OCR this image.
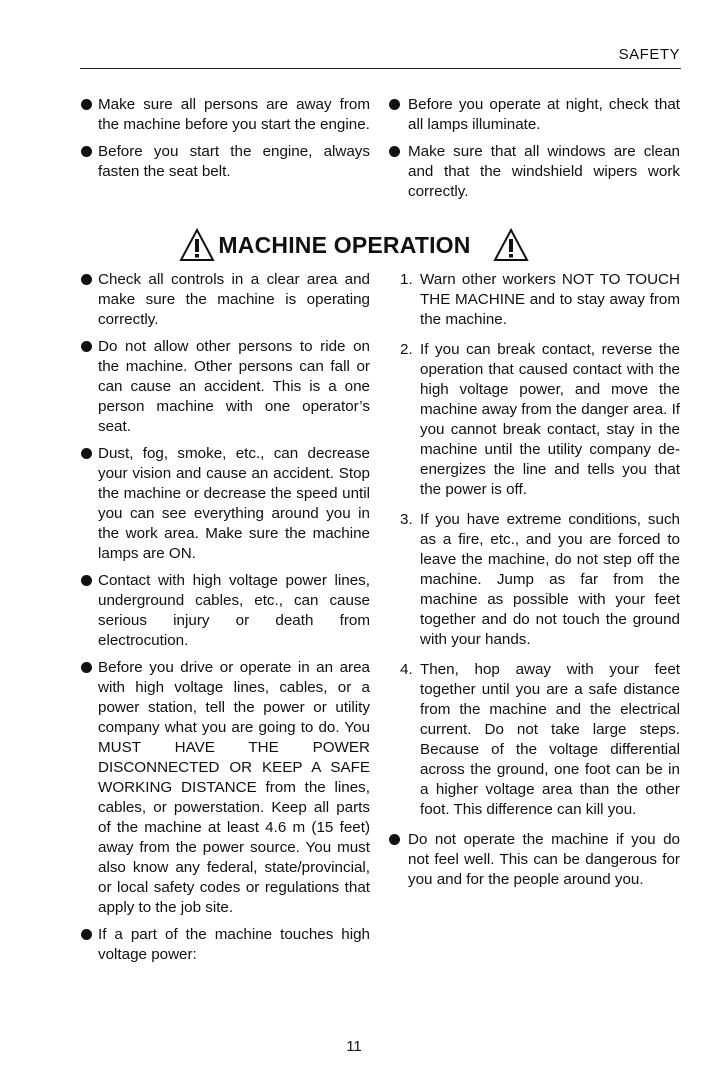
SAFETY
Make sure all persons are away from the machine before you start the engine.
Before you start the engine, always fasten the seat belt.
Before you operate at night, check that all lamps illuminate.
Make sure that all windows are clean and that the windshield wipers work correctly.
MACHINE OPERATION
Check all controls in a clear area and make sure the machine is operating correctly.
Do not allow other persons to ride on the machine. Other persons can fall or can cause an accident. This is a one person machine with one operator’s seat.
Dust, fog, smoke, etc., can decrease your vision and cause an accident. Stop the machine or decrease the speed until you can see everything around you in the work area. Make sure the machine lamps are ON.
Contact with high voltage power lines, underground cables, etc., can cause serious injury or death from electrocution.
Before you drive or operate in an area with high voltage lines, cables, or a power station, tell the power or utility company what you are going to do. You MUST HAVE THE POWER DISCONNECTED OR KEEP A SAFE WORKING DISTANCE from the lines, cables, or powerstation. Keep all parts of the machine at least 4.6 m (15 feet) away from the power source. You must also know any federal, state/provincial, or local safety codes or regulations that apply to the job site.
If a part of the machine touches high voltage power:
1. Warn other workers NOT TO TOUCH THE MACHINE and to stay away from the machine.
2. If you can break contact, reverse the operation that caused contact with the high voltage power, and move the machine away from the danger area. If you cannot break contact, stay in the machine until the utility company de-energizes the line and tells you that the power is off.
3. If you have extreme conditions, such as a fire, etc., and you are forced to leave the machine, do not step off the machine. Jump as far from the machine as possible with your feet together and do not touch the ground with your hands.
4. Then, hop away with your feet together until you are a safe distance from the machine and the electrical current. Do not take large steps. Because of the voltage differential across the ground, one foot can be in a higher voltage area than the other foot. This difference can kill you.
Do not operate the machine if you do not feel well. This can be dangerous for you and for the people around you.
11
